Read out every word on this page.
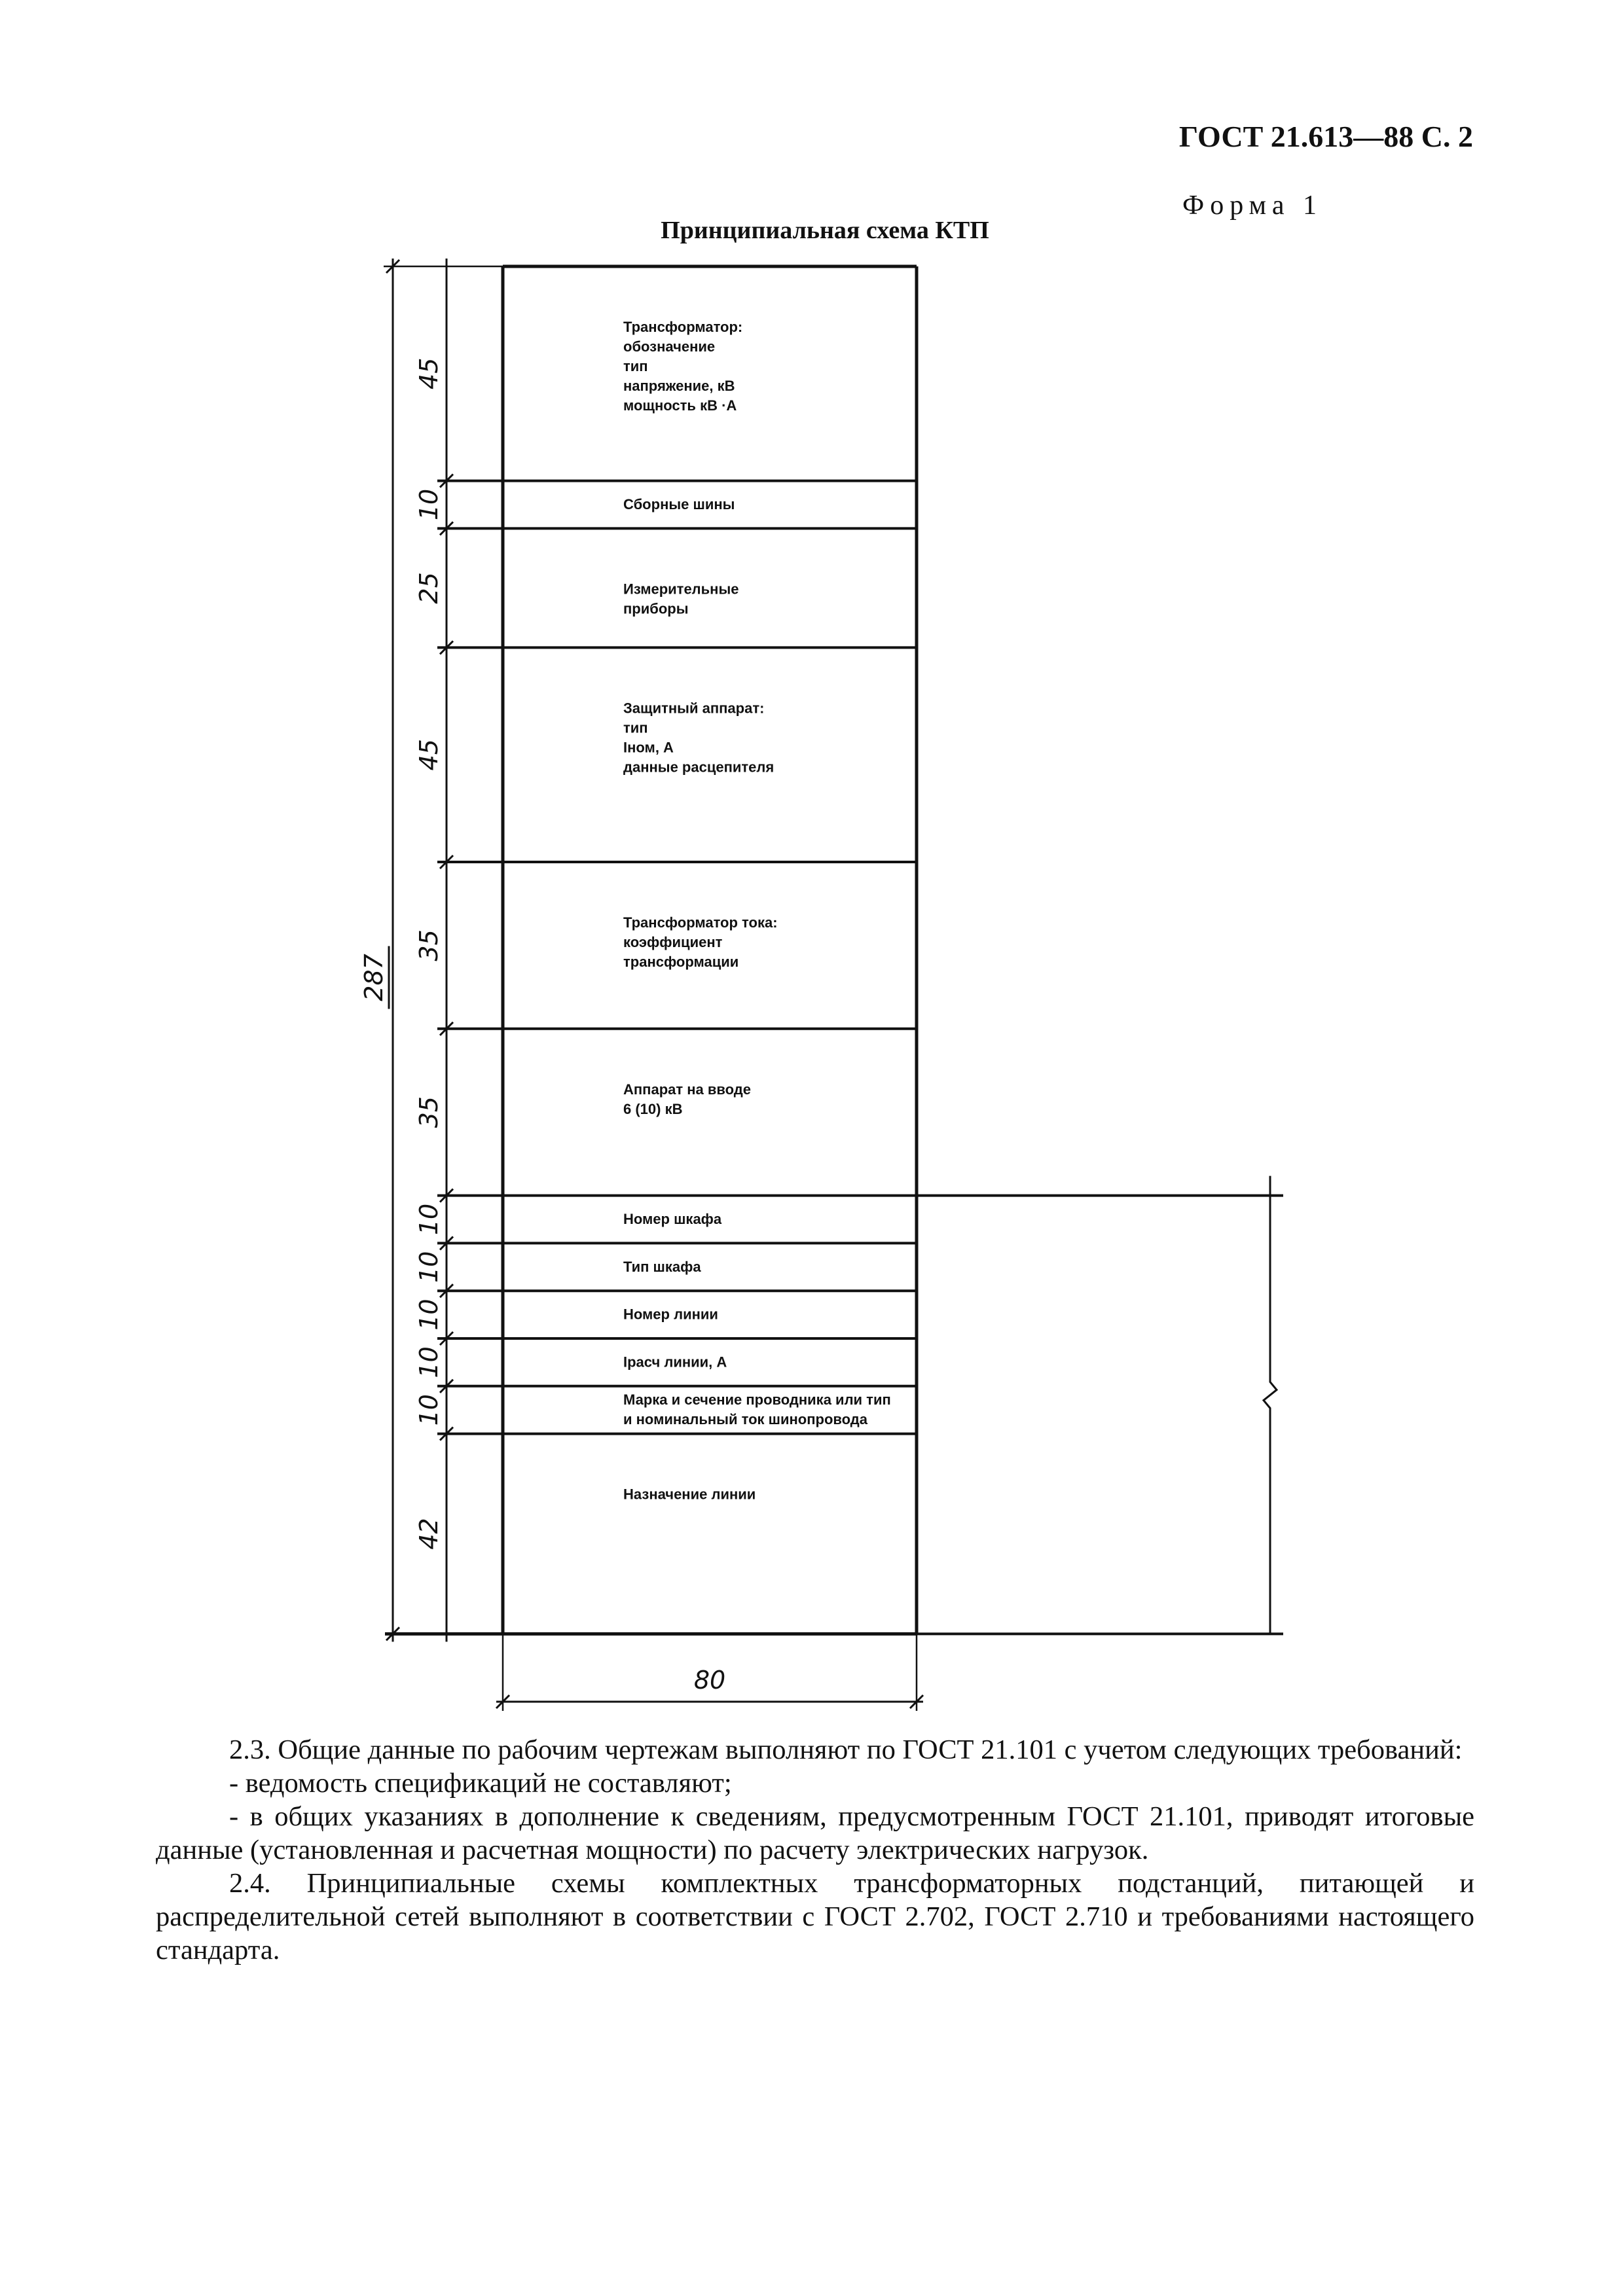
ГОСТ 21.613—88 С. 2
Форма 1
Принципиальная схема КТП
Трансформатор:
обозначение
тип
напряжение, кВ
мощность кВ ·А
45
Сборные шины
10
Измерительные
приборы
25
Защитный аппарат:
тип
Iном, А
данные расцепителя
45
Трансформатор тока:
коэффициент
трансформации
35
Аппарат на вводе
6 (10) кВ
35
Номер шкафа
10
Тип шкафа
10
Номер линии
10
Iрасч линии, А
10
Марка и сечение проводника или тип
и номинальный ток шинопровода
10
Назначение линии
42
287
80

2.3. Общие данные по рабочим чертежам выполняют по ГОСТ 21.101 с учетом следующих требований:

- ведомость спецификаций не составляют;

- в общих указаниях в дополнение к сведениям, предусмотренным ГОСТ 21.101, приводят итоговые данные (установленная и расчетная мощности) по расчету электрических нагрузок.

2.4. Принципиальные схемы комплектных трансформаторных подстанций, питающей и распределительной сетей выполняют в соответствии с ГОСТ 2.702, ГОСТ 2.710 и требованиями настоящего стандарта.
